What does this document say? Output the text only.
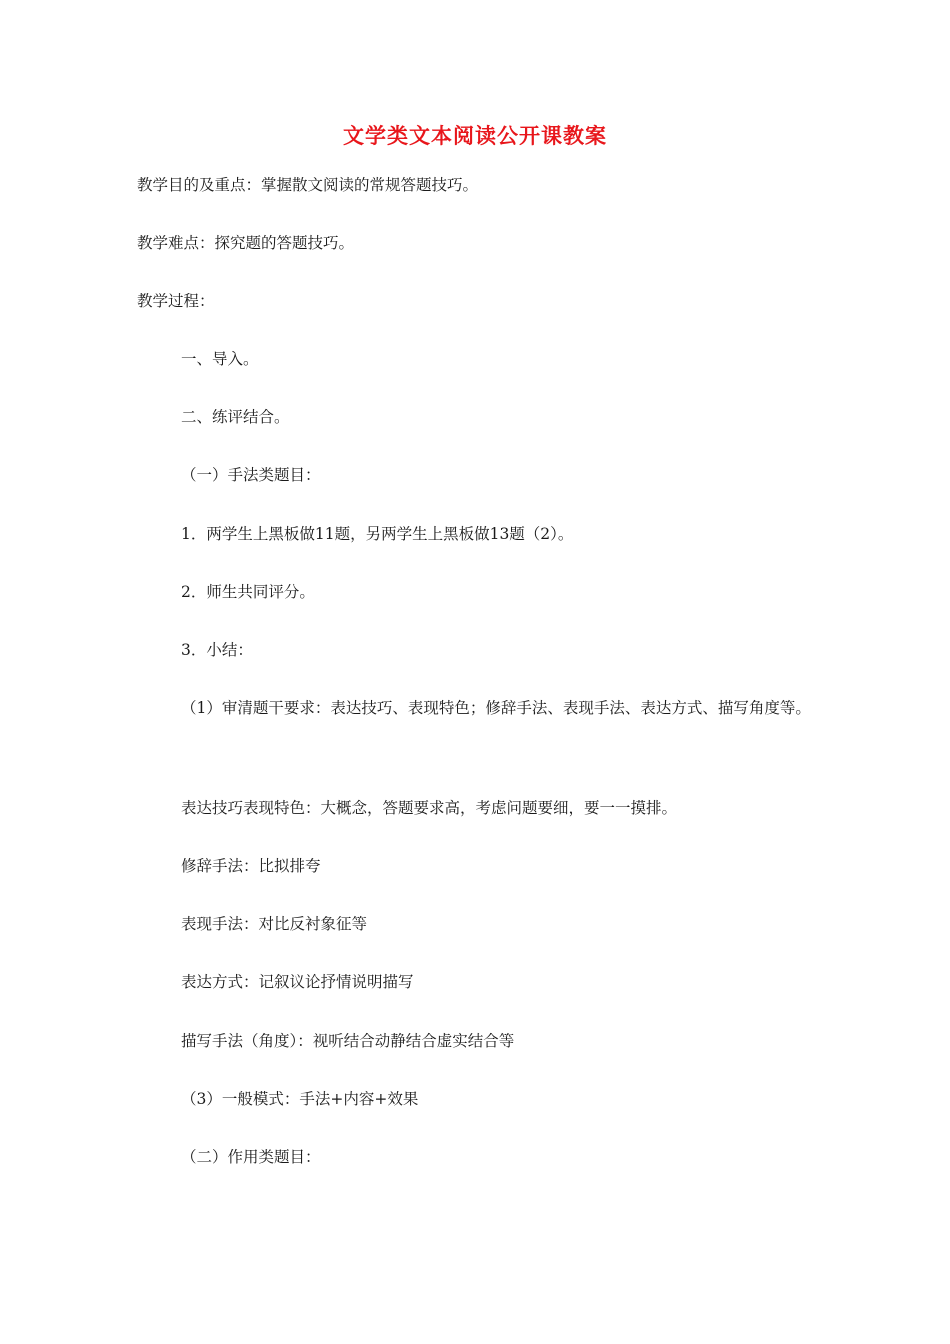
文学类文本阅读公开课教案
教学目的及重点：掌握散文阅读的常规答题技巧。
教学难点：探究题的答题技巧。
教学过程：
一、导入。
二、练评结合。
（一）手法类题目：
1．两学生上黑板做11题，另两学生上黑板做13题（2）。
2．师生共同评分。
3．小结：
（1）审清题干要求：表达技巧、表现特色；修辞手法、表现手法、表达方式、描写角度等。
表达技巧表现特色：大概念，答题要求高，考虑问题要细，要一一摸排。
修辞手法：比拟排夸
表现手法：对比反衬象征等
表达方式：记叙议论抒情说明描写
描写手法（角度）：视听结合动静结合虚实结合等
（3）一般模式：手法+内容+效果
（二）作用类题目：
